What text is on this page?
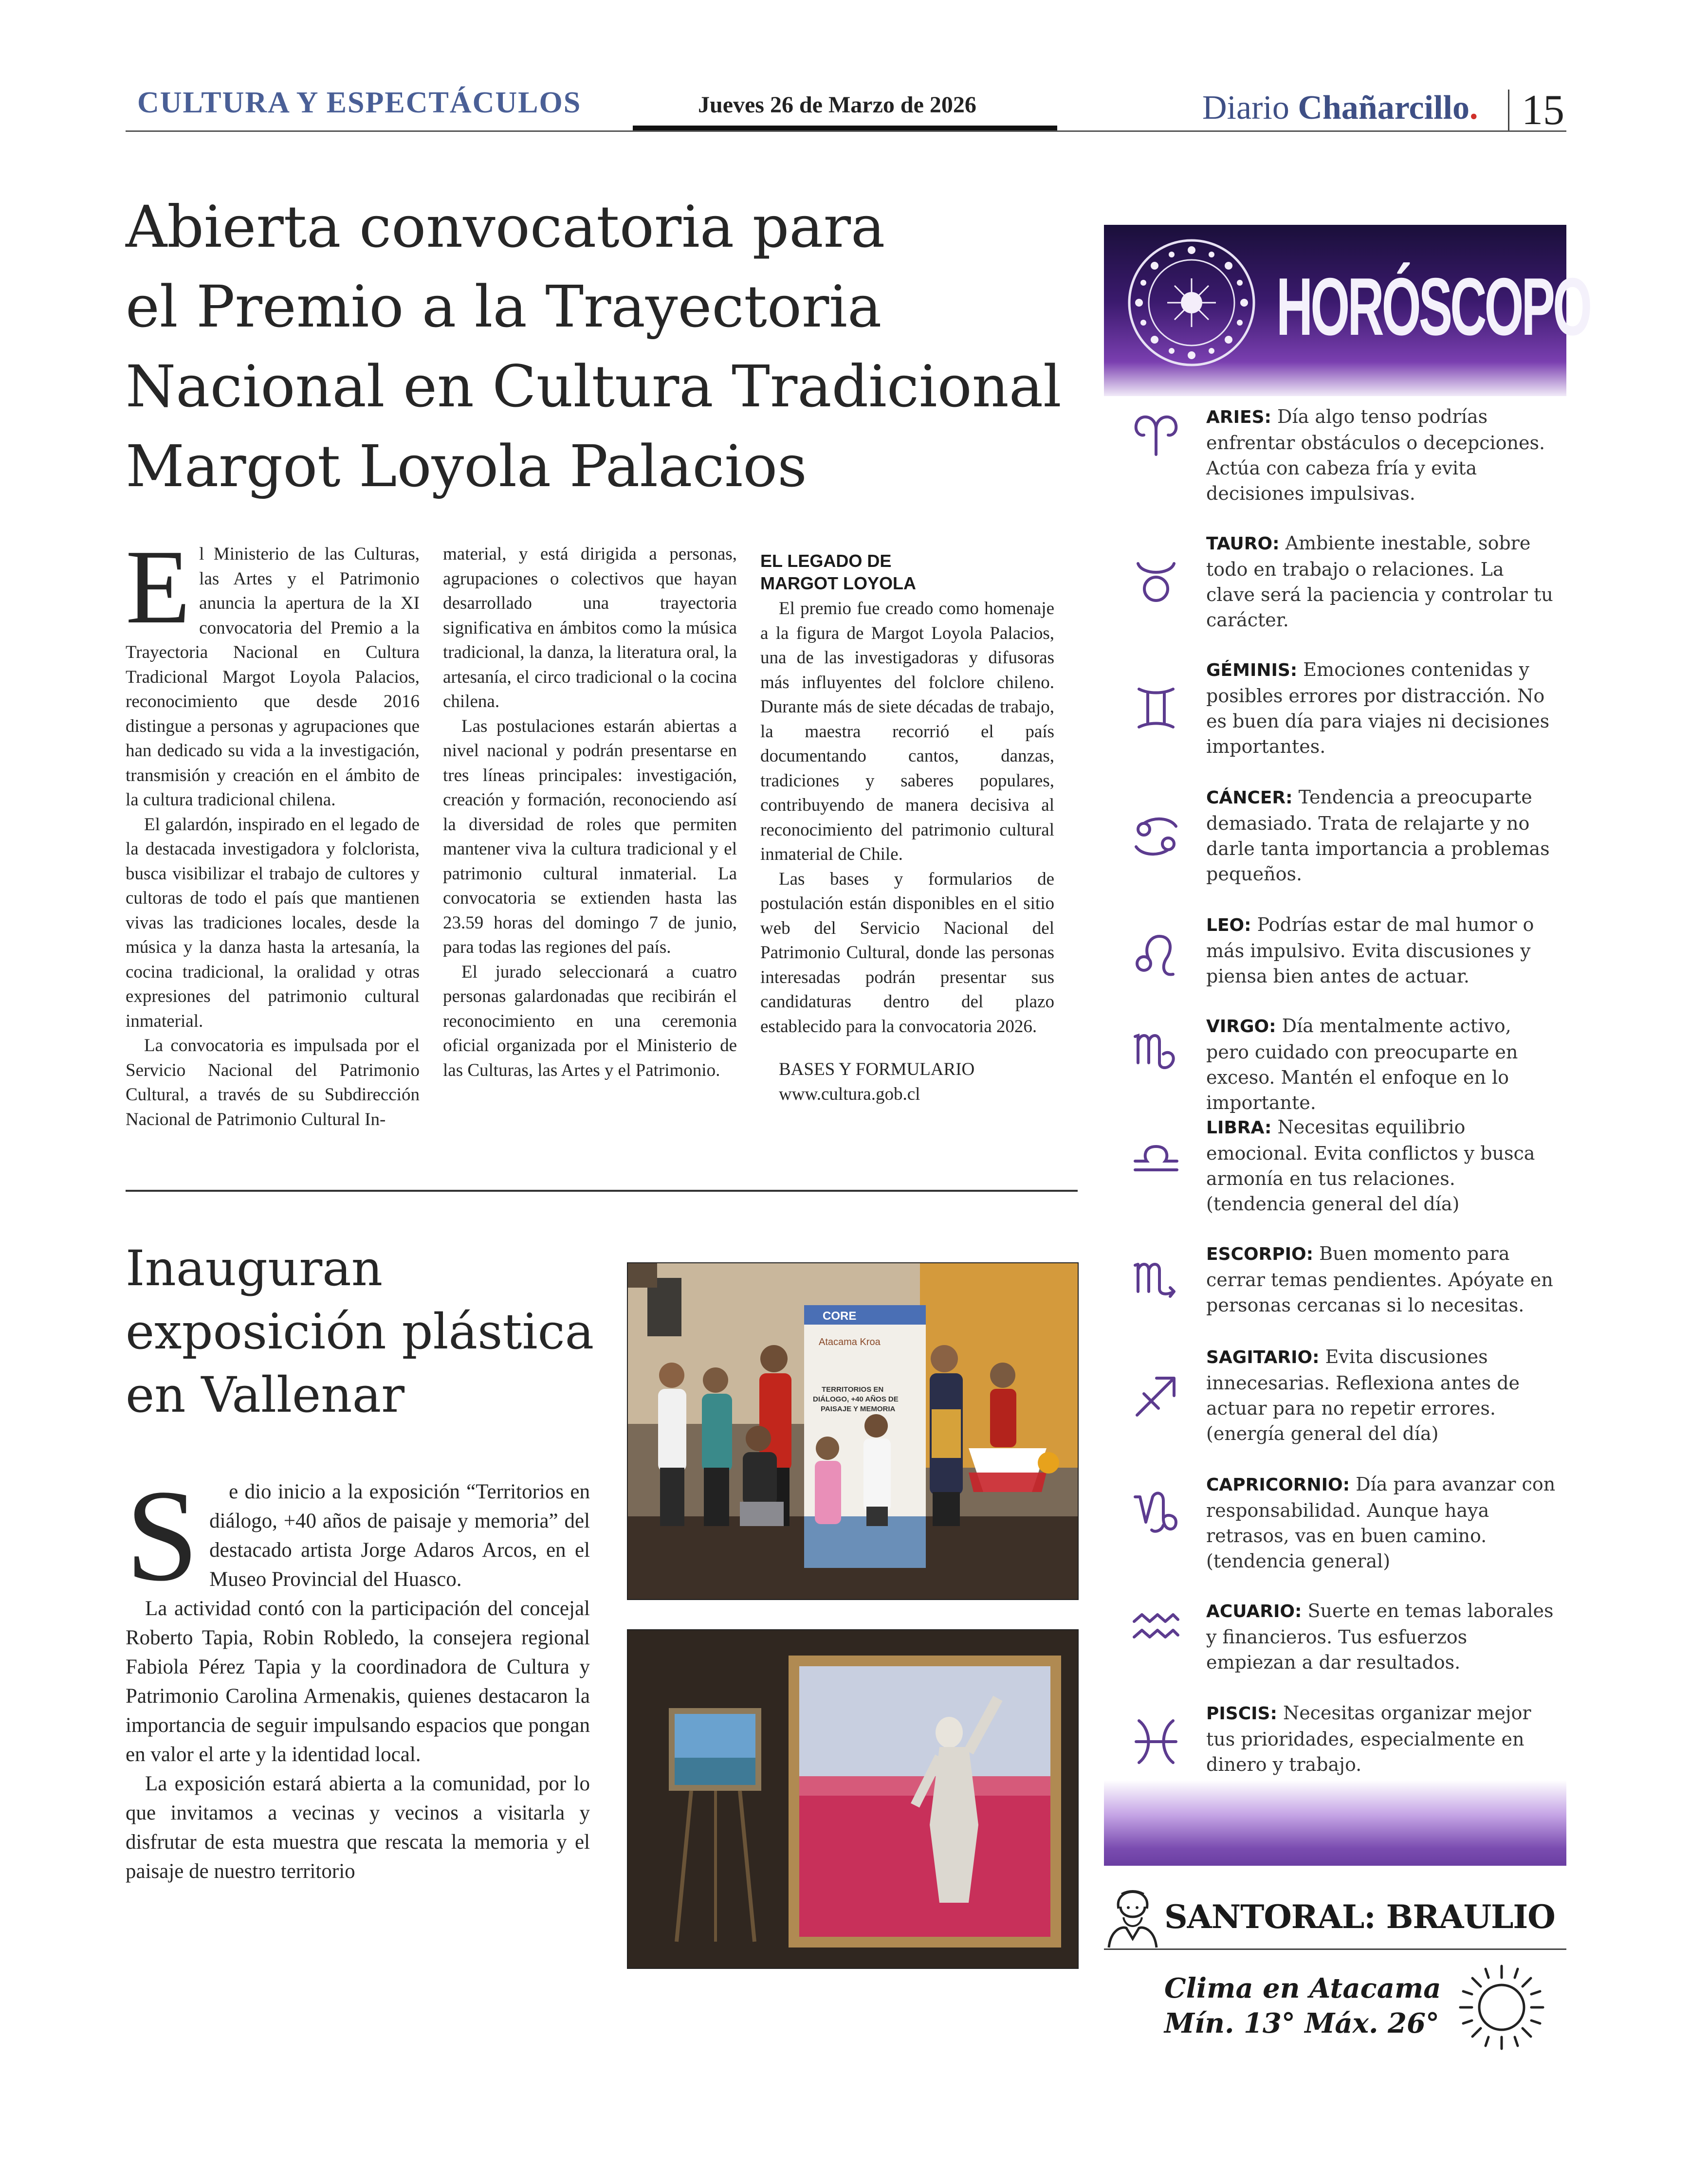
CULTURA Y ESPECTÁCULOS	Jueves 26 de Marzo de 2026	Diario Chañarcillo. 15
Abierta convocatoria para
el Premio a la Trayectoria
Nacional en Cultura Tradicional
Margot Loyola Palacios
E l Ministerio de las Culturas, las Artes y el Patrimonio anuncia la apertura de la XI convocatoria del Premio a la Trayectoria Nacional en Cultura Tradicional Margot Loyola Palacios, reconocimiento que desde 2016 distingue a personas y agrupaciones que han dedicado su vida a la investigación, transmisión y creación en el ámbito de la cultura tradicional chilena.

El galardón, inspirado en el legado de la destacada investigadora y folclorista, busca visibilizar el trabajo de cultores y cultoras de todo el país que mantienen vivas las tradiciones locales, desde la música y la danza hasta la artesanía, la cocina tradicional, la oralidad y otras expresiones del patrimonio cultural inmaterial.

La convocatoria es impulsada por el Servicio Nacional del Patrimonio Cultural, a través de su Subdirección Nacional de Patrimonio Cultural In-

material, y está dirigida a personas, agrupaciones o colectivos que hayan desarrollado una trayectoria significativa en ámbitos como la música tradicional, la danza, la literatura oral, la artesanía, el circo tradicional o la cocina chilena.

Las postulaciones estarán abiertas a nivel nacional y podrán presentarse en tres líneas principales: investigación, creación y formación, reconociendo así la diversidad de roles que permiten mantener viva la cultura tradicional y el patrimonio cultural inmaterial. La convocatoria se extienden hasta las 23.59 horas del domingo 7 de junio, para todas las regiones del país.

El jurado seleccionará a cuatro personas galardonadas que recibirán el reconocimiento en una ceremonia oficial organizada por el Ministerio de las Culturas, las Artes y el Patrimonio.

EL LEGADO DE
MARGOT LOYOLA

El premio fue creado como homenaje a la figura de Margot Loyola Palacios, una de las investigadoras y difusoras más influyentes del folclore chileno. Durante más de siete décadas de trabajo, la maestra recorrió el país documentando cantos, danzas, tradiciones y saberes populares, contribuyendo de manera decisiva al reconocimiento del patrimonio cultural inmaterial de Chile.

Las bases y formularios de postulación están disponibles en el sitio web del Servicio Nacional del Patrimonio Cultural, donde las personas interesadas podrán presentar sus candidaturas dentro del plazo establecido para la convocatoria 2026.

BASES Y FORMULARIO
www.cultura.gob.cl
Inauguran
exposición plástica
en Vallenar
S	e dio inicio a la exposición “Territorios en diálogo, +40 años de paisaje y memoria” del destacado artista Jorge Adaros Arcos, en el Museo Provincial del Huasco.

La actividad contó con la participación del concejal Roberto Tapia, Robin Robledo, la consejera regional Fabiola Pérez Tapia y la coordinadora de Cultura y Patrimonio Carolina Armenakis, quienes destacaron la importancia de seguir impulsando espacios que pongan en valor el arte y la identidad local.

La exposición estará abierta a la comunidad, por lo que invitamos a vecinas y vecinos a visitarla y disfrutar de esta muestra que rescata la memoria y el paisaje de nuestro territorio

CORE
Atacama Kroa
TERRITORIOS EN
DIÁLOGO, +40 AÑOS DE
PAISAJE Y MEMORIA
HORÓSCOPO
ARIES: Día algo tenso podrías enfrentar obstáculos o decepciones. Actúa con cabeza fría y evita decisiones impulsivas.
TAURO: Ambiente inestable, sobre todo en trabajo o relaciones. La clave será la paciencia y controlar tu carácter.
GÉMINIS: Emociones contenidas y posibles errores por distracción. No es buen día para viajes ni decisiones importantes.
CÁNCER: Tendencia a preocuparte demasiado. Trata de relajarte y no darle tanta importancia a problemas pequeños.
LEO: Podrías estar de mal humor o más impulsivo. Evita discusiones y piensa bien antes de actuar.
VIRGO: Día mentalmente activo, pero cuidado con preocuparte en exceso. Mantén el enfoque en lo importante.
LIBRA: Necesitas equilibrio emocional. Evita conflictos y busca armonía en tus relaciones. (tendencia general del día)
ESCORPIO: Buen momento para cerrar temas pendientes. Apóyate en personas cercanas si lo necesitas.
SAGITARIO: Evita discusiones innecesarias. Reflexiona antes de actuar para no repetir errores. (energía general del día)
CAPRICORNIO: Día para avanzar con responsabilidad. Aunque haya retrasos, vas en buen camino. (tendencia general)
ACUARIO: Suerte en temas laborales y financieros. Tus esfuerzos empiezan a dar resultados.
PISCIS: Necesitas organizar mejor tus prioridades, especialmente en dinero y trabajo.
SANTORAL: BRAULIO
Clima en Atacama
Mín. 13° Máx. 26°
